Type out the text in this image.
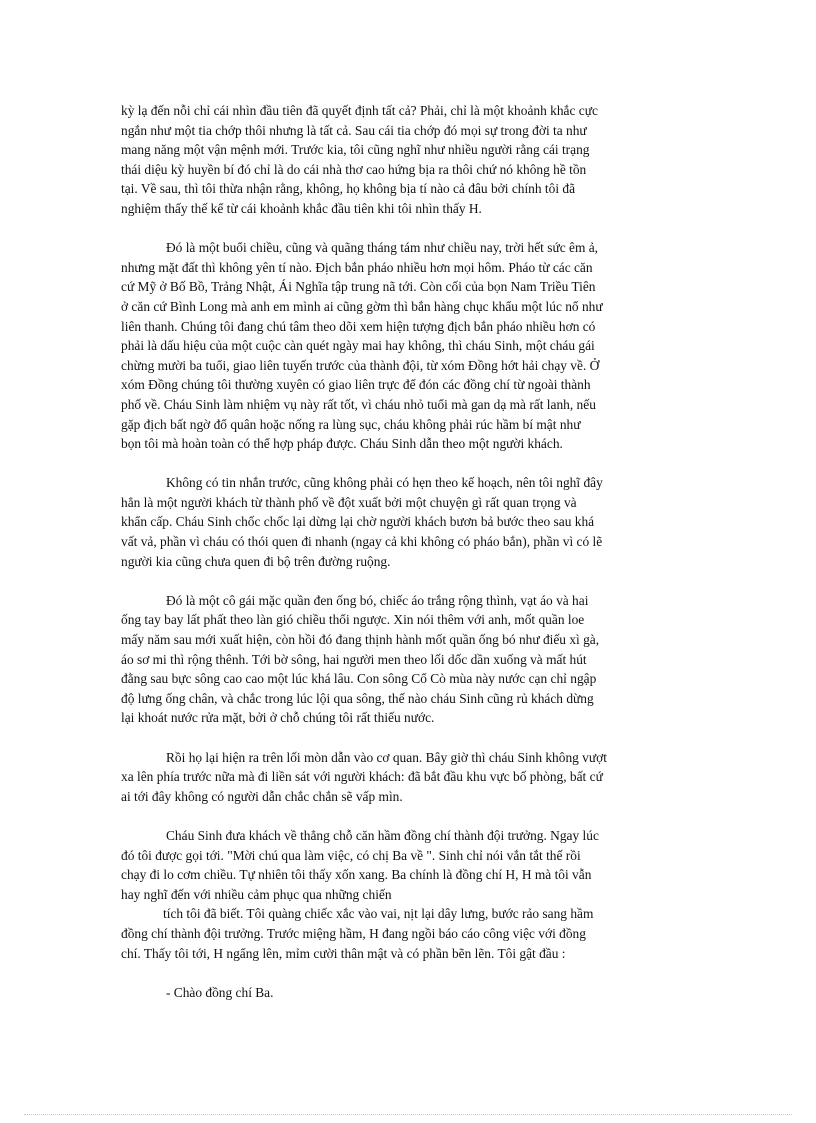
kỳ lạ đến nỗi chỉ cái nhìn đầu tiên đã quyết định tất cả? Phải, chỉ là một khoảnh khắc cực
ngắn như một tia chớp thôi nhưng là tất cả. Sau cái tia chớp đó mọi sự trong đời ta như
mang năng một vận mệnh mới. Trước kia, tôi cũng nghĩ như nhiều người rằng cái trạng
thái diệu kỳ huyền bí đó chỉ là do cái nhà thơ cao hứng bịa ra thôi chứ nó không hề tồn
tại. Về sau, thì tôi thừa nhận rằng, không, họ không bịa tí nào cả đâu bởi chính tôi đã
nghiệm thấy thế kể từ cái khoảnh khắc đầu tiên khi tôi nhìn thấy H.

Đó là một buổi chiều, cũng và quãng tháng tám như chiều nay, trời hết sức êm ả,
nhưng mặt đất thì không yên tí nào. Địch bắn pháo nhiều hơn mọi hôm. Pháo từ các căn
cứ Mỹ ở Bố Bồ, Trảng Nhật, Ái Nghĩa tập trung nã tới. Còn cối của bọn Nam Triều Tiên
ở căn cứ Bình Long mà anh em mình ai cũng gờm thì bắn hàng chục khẩu một lúc nổ như
liên thanh. Chúng tôi đang chú tâm theo dõi xem hiện tượng địch bắn pháo nhiều hơn có
phải là dấu hiệu của một cuộc càn quét ngày mai hay không, thì cháu Sinh, một cháu gái
chừng mười ba tuổi, giao liên tuyến trước của thành đội, từ xóm Đồng hớt hải chạy về. Ở
xóm Đồng chúng tôi thường xuyên có giao liên trực để đón các đồng chí từ ngoài thành
phố về. Cháu Sinh làm nhiệm vụ này rất tốt, vì cháu nhỏ tuổi mà gan dạ mà rất lanh, nếu
gặp địch bất ngờ đổ quân hoặc nống ra lùng sục, cháu không phải rúc hầm bí mật như
bọn tôi mà hoàn toàn có thể hợp pháp được. Cháu Sinh dẫn theo một người khách.

Không có tin nhắn trước, cũng không phải có hẹn theo kế hoạch, nên tôi nghĩ đây
hẳn là một người khách từ thành phố về đột xuất bởi một chuyện gì rất quan trọng và
khẩn cấp. Cháu Sinh chốc chốc lại dừng lại chờ người khách bươn bả bước theo sau khá
vất vả, phần vì cháu có thói quen đi nhanh (ngay cả khi không có pháo bắn), phần vì có lẽ
người kia cũng chưa quen đi bộ trên đường ruộng.

Đó là một cô gái mặc quần đen ống bó, chiếc áo trắng rộng thình, vạt áo và hai
ống tay bay lất phất theo làn gió chiều thổi ngược. Xin nói thêm với anh, mốt quần loe
mấy năm sau mới xuất hiện, còn hồi đó đang thịnh hành mốt quần ống bó như điếu xì gà,
áo sơ mi thì rộng thênh. Tới bờ sông, hai người men theo lối dốc dần xuống và mất hút
đằng sau bực sông cao cao một lúc khá lâu. Con sông Cổ Cò mùa này nước cạn chỉ ngập
độ lưng ống chân, và chắc trong lúc lội qua sông, thế nào cháu Sinh cũng rủ khách dừng
lại khoát nước rửa mặt, bởi ở chỗ chúng tôi rất thiếu nước.

Rồi họ lại hiện ra trên lối mòn dẫn vào cơ quan. Bây giờ thì cháu Sinh không vượt
xa lên phía trước nữa mà đi liền sát với người khách: đã bắt đầu khu vực bố phòng, bất cứ
ai tới đây không có người dẫn chắc chắn sẽ vấp mìn.

Cháu Sinh đưa khách về thẳng chỗ căn hầm đồng chí thành đội trưởng. Ngay lúc
đó tôi được gọi tới. "Mời chú qua làm việc, có chị Ba về ". Sinh chỉ nói vắn tắt thế rồi
chạy đi lo cơm chiều. Tự nhiên tôi thấy xốn xang. Ba chính là đồng chí H, H mà tôi vẫn
hay nghĩ đến với nhiều cảm phục qua những chiến
tích tôi đã biết. Tôi quàng chiếc xắc vào vai, nịt lại dây lưng, bước rảo sang hầm
đồng chí thành đội trưởng. Trước miệng hầm, H đang ngồi báo cáo công việc với đồng
chí. Thấy tôi tới, H ngẩng lên, mỉm cười thân mật và có phần bẽn lẽn. Tôi gật đầu :

- Chào đồng chí Ba.
